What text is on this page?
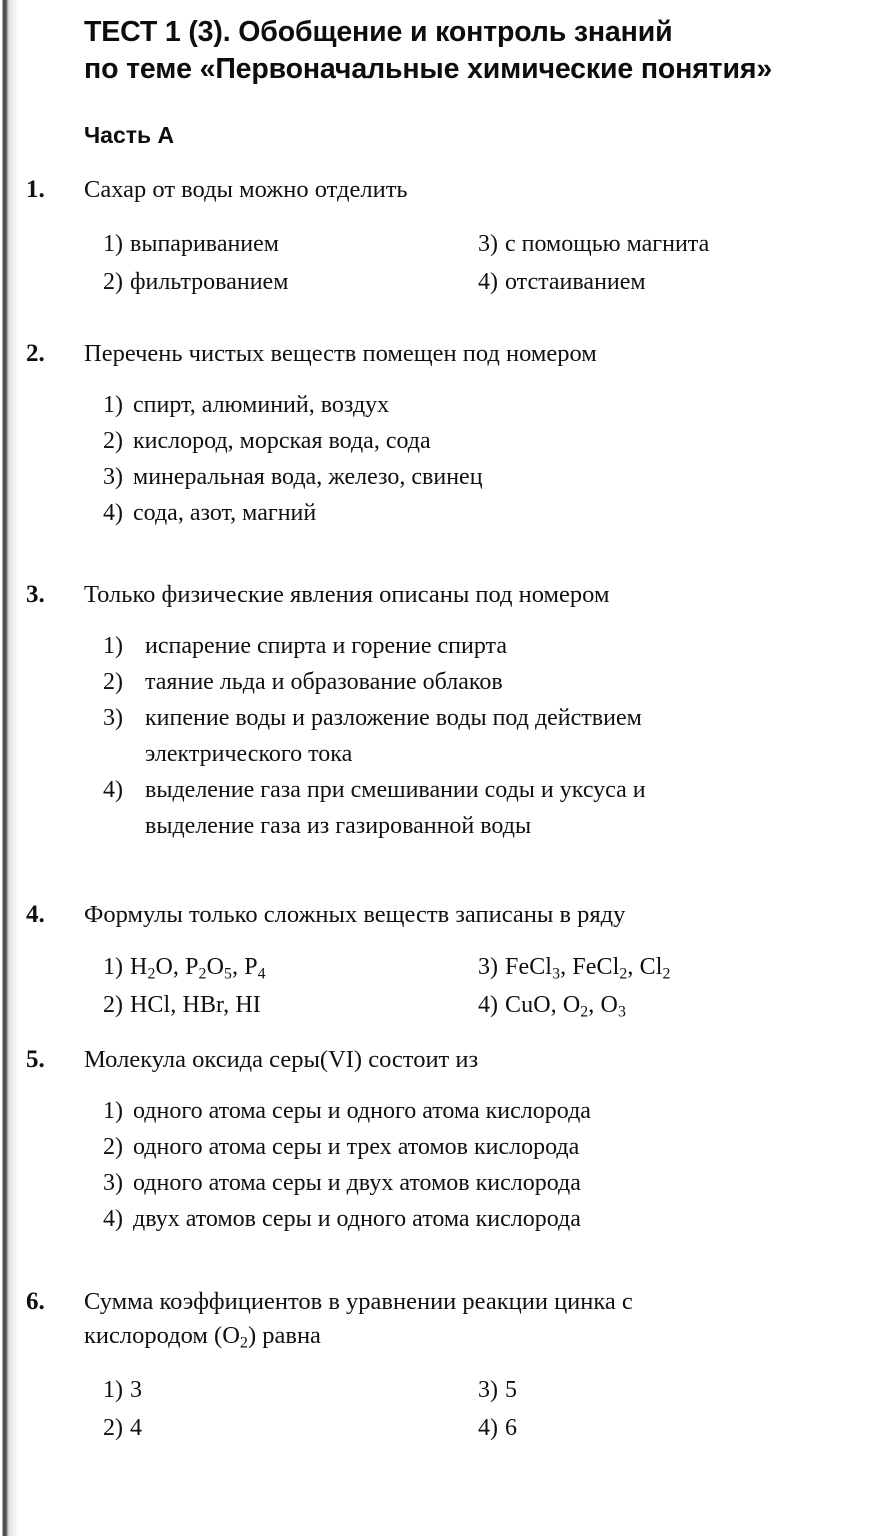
ТЕСТ 1 (3). Обобщение и контроль знаний
по теме «Первоначальные химические понятия»
Часть А
1.	Сахар от воды можно отделить
1) выпариванием	3) с помощью магнита
2) фильтрованием	4) отстаиванием
2.	Перечень чистых веществ помещен под номером
1) спирт, алюминий, воздух
2) кислород, морская вода, сода
3) минеральная вода, железо, свинец
4) сода, азот, магний
3.	Только физические явления описаны под номером
1) испарение спирта и горение спирта
2) таяние льда и образование облаков
3) кипение воды и разложение воды под действием
электрического тока
4) выделение газа при смешивании соды и уксуса и
выделение газа из газированной воды
4.	Формулы только сложных веществ записаны в ряду
1) $H_2O$, $P_2O_5$, $P_4$	3) FeCl$_3$, FeCl$_2$, $Cl_2$
2) HCl, HBr, HI	4) CuO, $O_2$, $O_3$
5.	Молекула оксида серы(VI) состоит из
1) одного атома серы и одного атома кислорода
2) одного атома серы и трех атомов кислорода
3) одного атома серы и двух атомов кислорода
4) двух атомов серы и одного атома кислорода
6.	Сумма коэффициентов в уравнении реакции цинка с
кислородом $(O_2)$ равна
1) 3	3) 5
2) 4	4) 6
